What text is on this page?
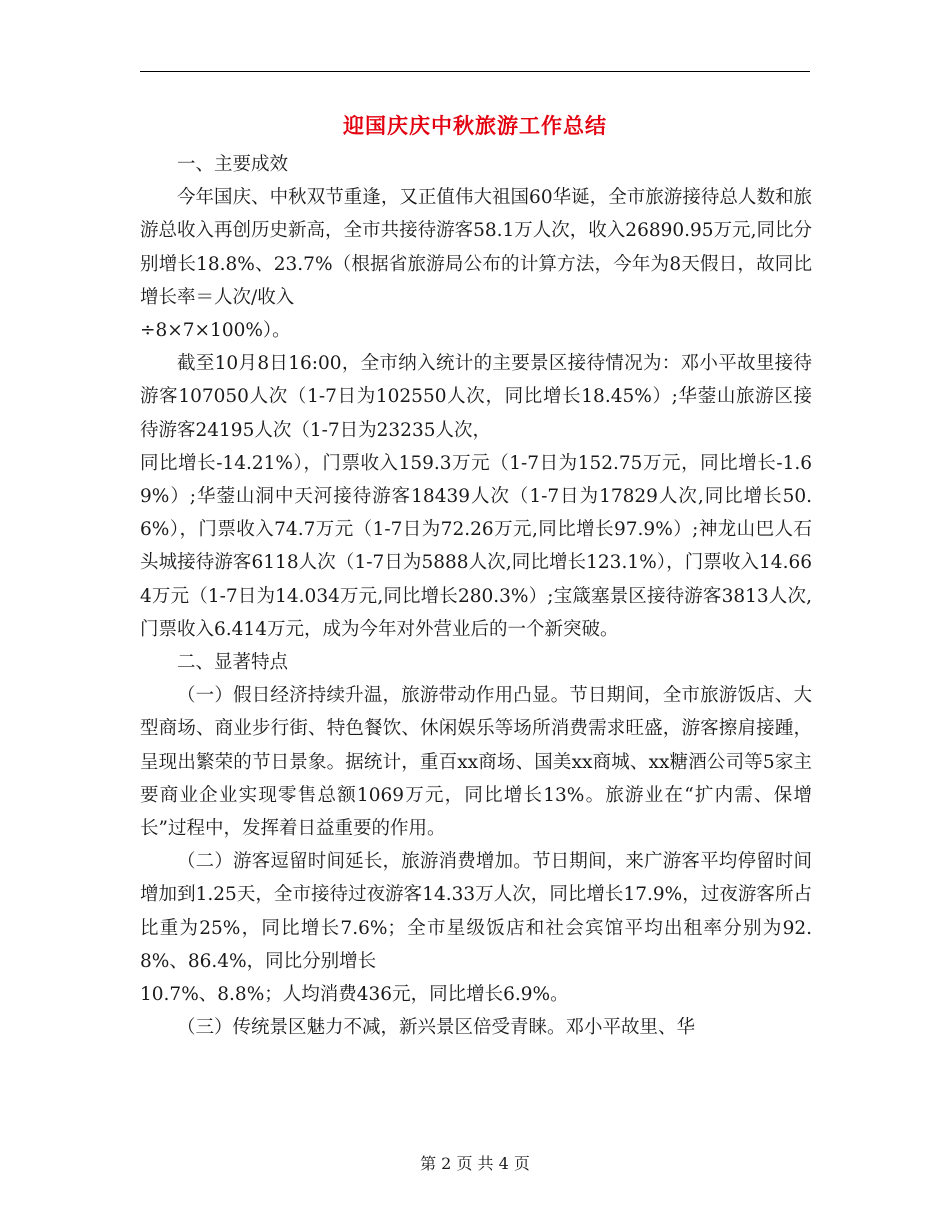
迎国庆庆中秋旅游工作总结

一、主要成效

今年国庆、中秋双节重逢，又正值伟大祖国60华诞，全市旅游接待总人数和旅游总收入再创历史新高，全市共接待游客58.1万人次，收入26890.95万元,同比分别增长18.8%、23.7%（根据省旅游局公布的计算方法，今年为8天假日，故同比增长率＝人次/收入
÷8×7×100%）。

截至10月8日16:00，全市纳入统计的主要景区接待情况为：邓小平故里接待游客107050人次（1-7日为102550人次，同比增长18.45%）;华蓥山旅游区接待游客24195人次（1-7日为23235人次，
同比增长-14.21%），门票收入159.3万元（1-7日为152.75万元，同比增长-1.69%）;华蓥山洞中天河接待游客18439人次（1-7日为17829人次,同比增长50.6%），门票收入74.7万元（1-7日为72.26万元,同比增长97.9%）;神龙山巴人石头城接待游客6118人次（1-7日为5888人次,同比增长123.1%），门票收入14.664万元（1-7日为14.034万元,同比增长280.3%）;宝箴塞景区接待游客3813人次,门票收入6.414万元，成为今年对外营业后的一个新突破。

二、显著特点

（一）假日经济持续升温，旅游带动作用凸显。节日期间，全市旅游饭店、大型商场、商业步行街、特色餐饮、休闲娱乐等场所消费需求旺盛，游客擦肩接踵，呈现出繁荣的节日景象。据统计，重百xx商场、国美xx商城、xx糖酒公司等5家主要商业企业实现零售总额1069万元，同比增长13%。旅游业在“扩内需、保增长”过程中，发挥着日益重要的作用。

（二）游客逗留时间延长，旅游消费增加。节日期间，来广游客平均停留时间增加到1.25天，全市接待过夜游客14.33万人次，同比增长17.9%，过夜游客所占比重为25%，同比增长7.6%；全市星级饭店和社会宾馆平均出租率分别为92.8%、86.4%，同比分别增长
10.7%、8.8%；人均消费436元，同比增长6.9%。

（三）传统景区魅力不减，新兴景区倍受青睐。邓小平故里、华

第 2 页 共 4 页
